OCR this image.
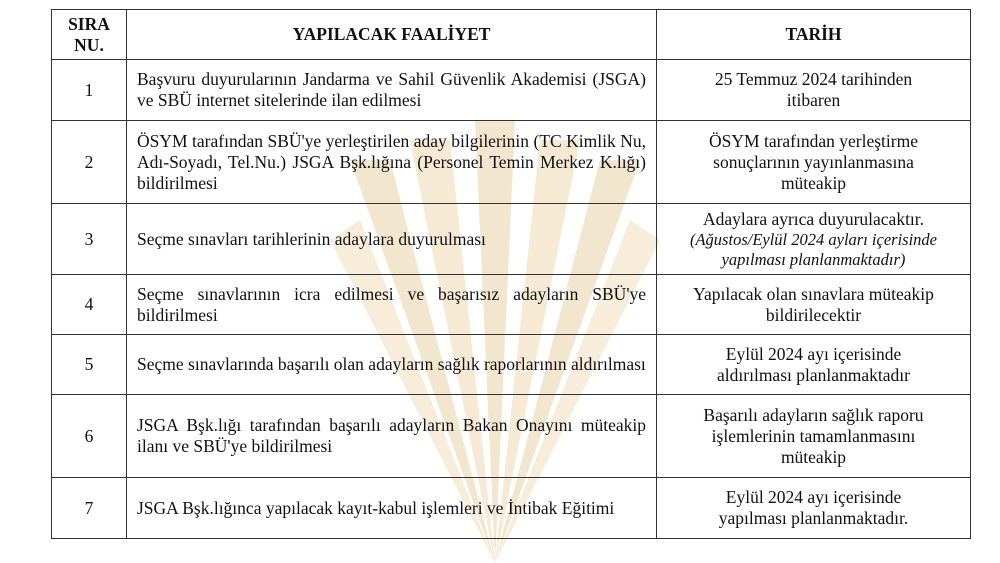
SIRA
NU.	YAPILACAK FAALİYET	TARİH
1	Başvuru duyurularının Jandarma ve Sahil Güvenlik Akademisi (JSGA) ve SBÜ internet sitelerinde ilan edilmesi	25 Temmuz 2024 tarihinden
itibaren

2	ÖSYM tarafından SBÜ'ye yerleştirilen aday bilgilerinin (TC Kimlik Nu, Adı-Soyadı, Tel.Nu.) JSGA Bşk.lığına (Personel Temin Merkez K.lığı) bildirilmesi	ÖSYM tarafından yerleştirme
sonuçlarının yayınlanmasına
müteakip

3	Seçme sınavları tarihlerinin adaylara duyurulması	Adaylara ayrıca duyurulacaktır.
(Ağustos/Eylül 2024 ayları içerisinde
yapılması planlanmaktadır)

4	Seçme sınavlarının icra edilmesi ve başarısız adayların SBÜ'ye bildirilmesi	Yapılacak olan sınavlara müteakip
bildirilecektir

5	Seçme sınavlarında başarılı olan adayların sağlık raporlarının aldırılması	Eylül 2024 ayı içerisinde
aldırılması planlanmaktadır

6	JSGA Bşk.lığı tarafından başarılı adayların Bakan Onayını müteakip ilanı ve SBÜ'ye bildirilmesi	Başarılı adayların sağlık raporu
işlemlerinin tamamlanmasını
müteakip

7	JSGA Bşk.lığınca yapılacak kayıt-kabul işlemleri ve İntibak Eğitimi	Eylül 2024 ayı içerisinde
yapılması planlanmaktadır.
